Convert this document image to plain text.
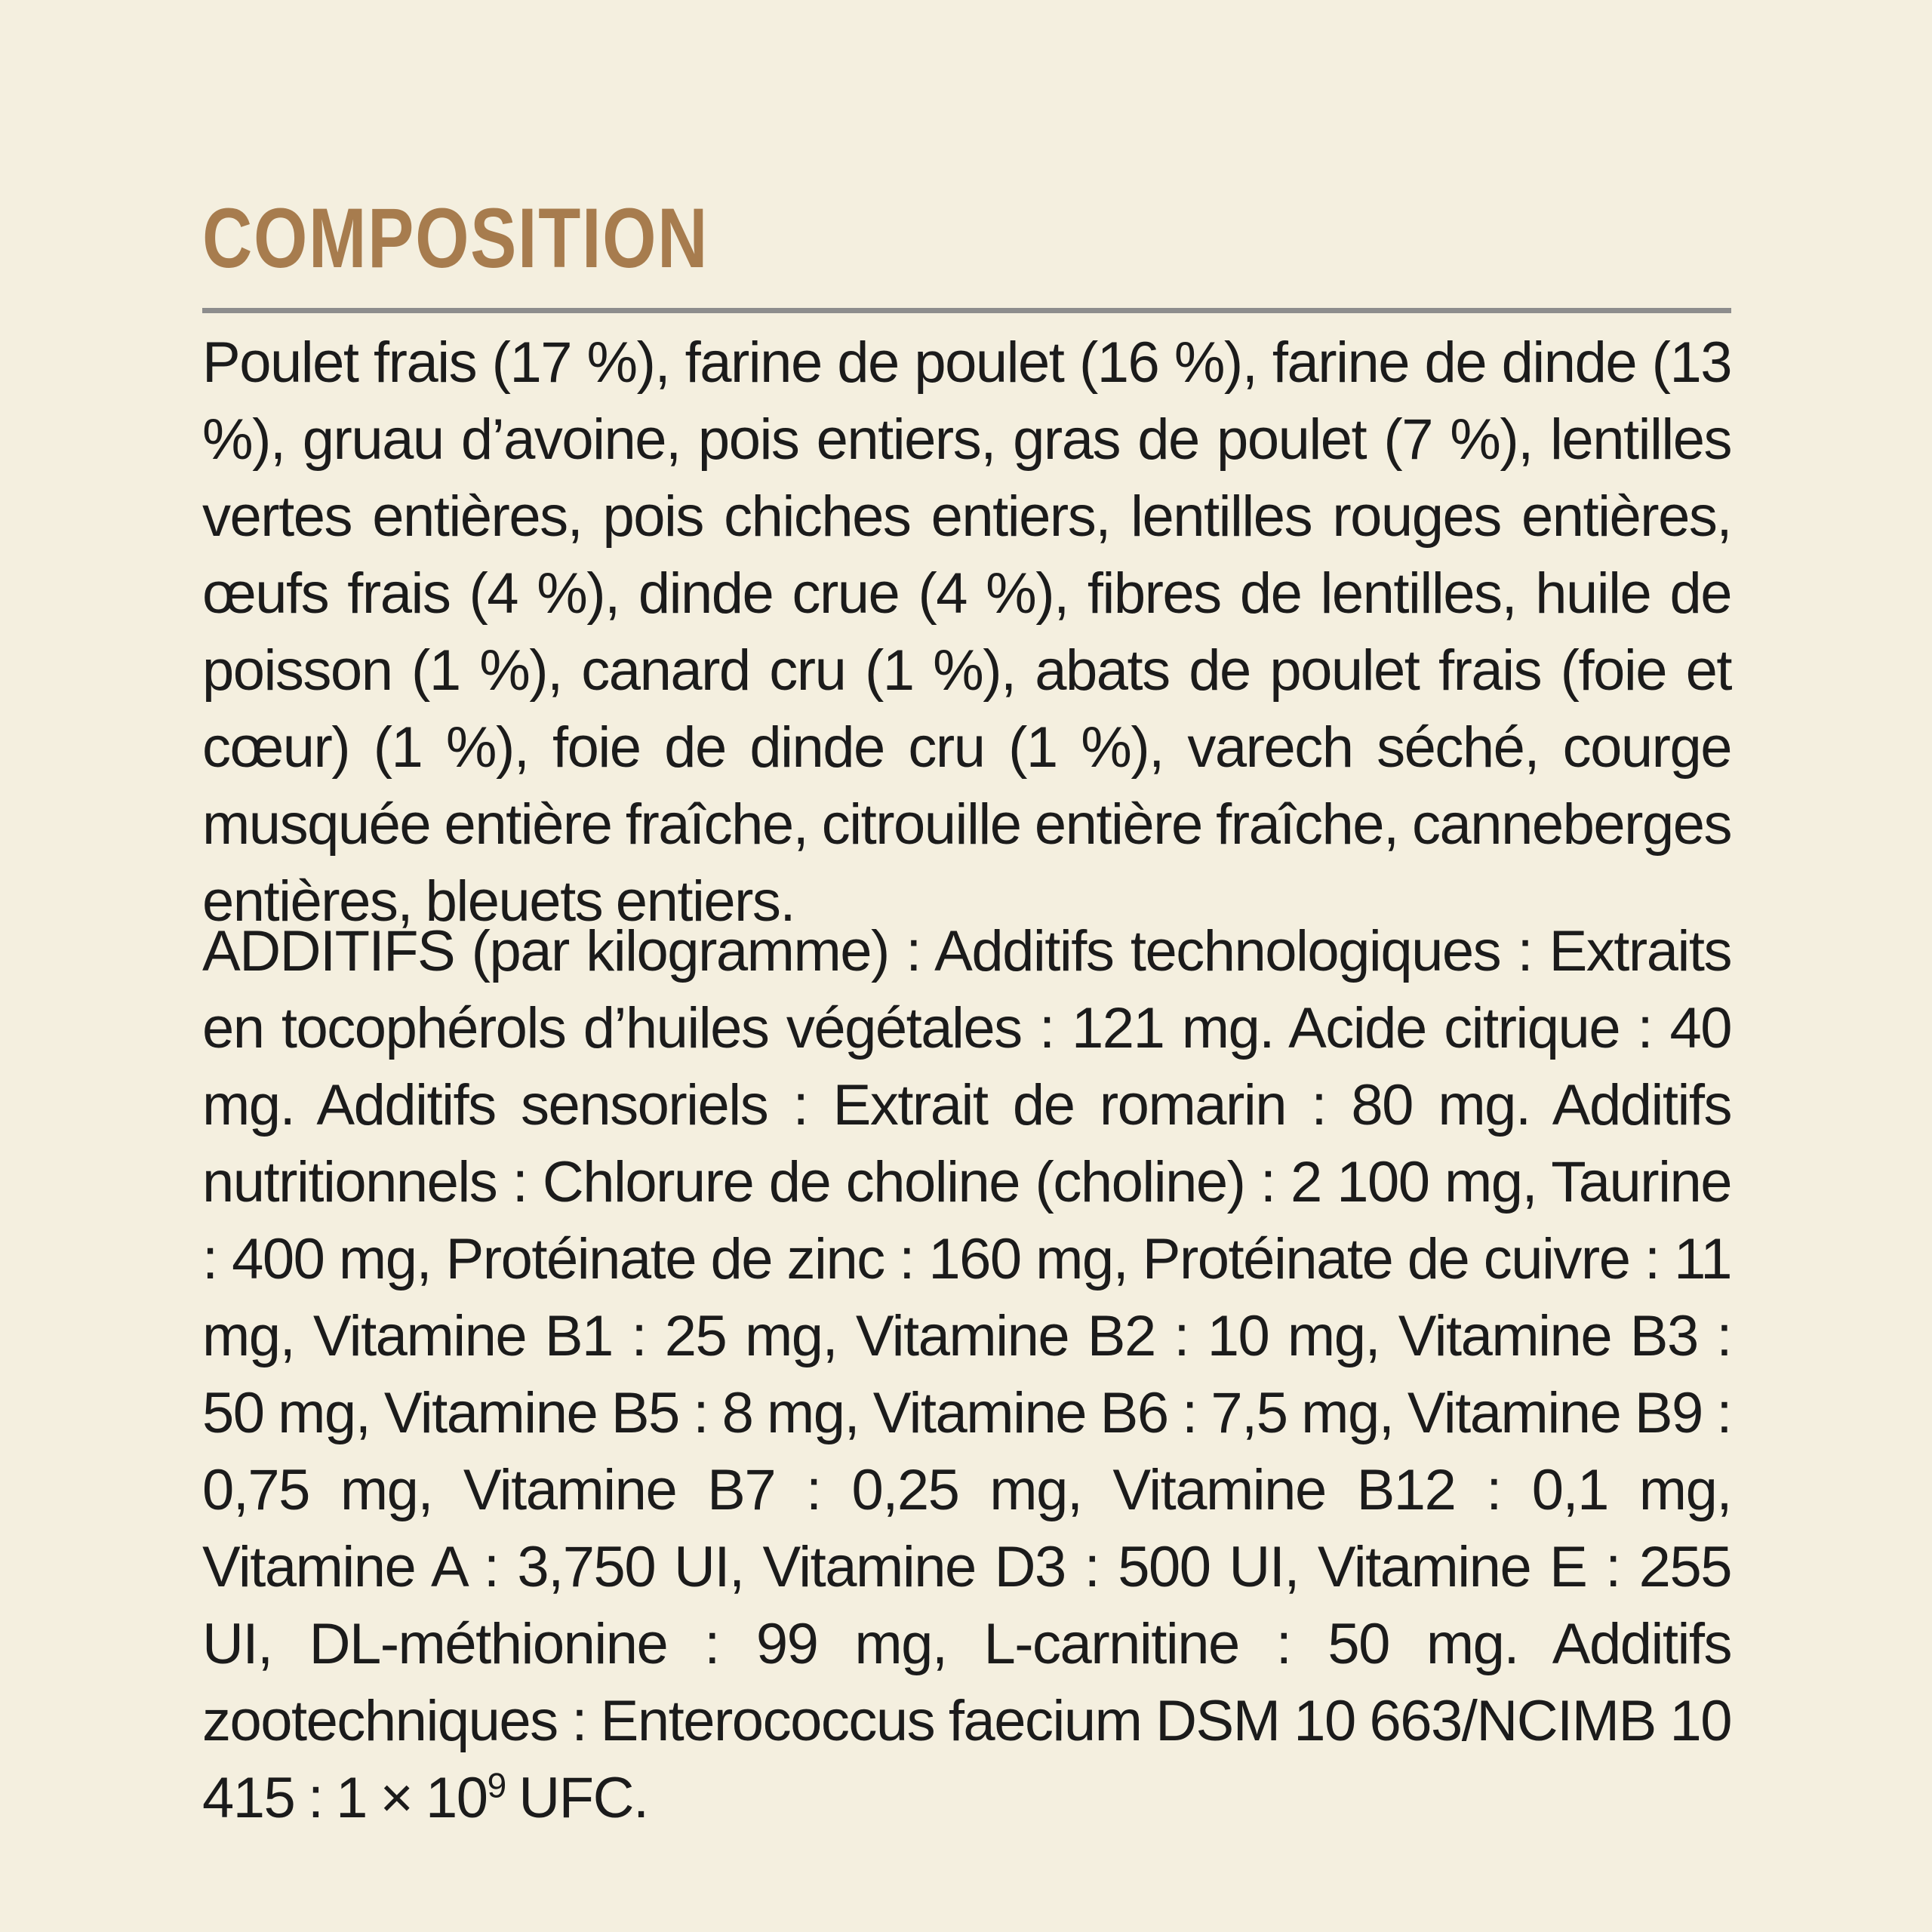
COMPOSITION

Poulet frais (17 %), farine de poulet (16 %), farine de dinde (13 %), gruau d’avoine, pois entiers, gras de poulet (7 %), lentilles vertes entières, pois chiches entiers, lentilles rouges entières, œufs frais (4 %), dinde crue (4 %), fibres de lentilles, huile de poisson (1 %), canard cru (1 %), abats de poulet frais (foie et cœur) (1 %), foie de dinde cru (1 %), varech séché, courge musquée entière fraîche, citrouille entière fraîche, canneberges entières, bleuets entiers.

ADDITIFS (par kilogramme) : Additifs technologiques : Extraits en tocophérols d’huiles végétales : 121 mg. Acide citrique : 40 mg. Additifs sensoriels : Extrait de romarin : 80 mg. Additifs nutritionnels : Chlorure de choline (choline) : 2 100 mg, Taurine : 400 mg, Protéinate de zinc : 160 mg, Protéinate de cuivre : 11 mg, Vitamine B1 : 25 mg, Vitamine B2 : 10 mg, Vitamine B3 : 50 mg, Vitamine B5 : 8 mg, Vitamine B6 : 7,5 mg, Vitamine B9 : 0,75 mg, Vitamine B7 : 0,25 mg, Vitamine B12 : 0,1 mg, Vitamine A : 3,750 UI, Vitamine D3 : 500 UI, Vitamine E : 255 UI, DL-méthionine : 99 mg, L-carnitine : 50 mg. Additifs zootechniques : Enterococcus faecium DSM 10 663/NCIMB 10 415 : $1 \times 10^9$ UFC.
